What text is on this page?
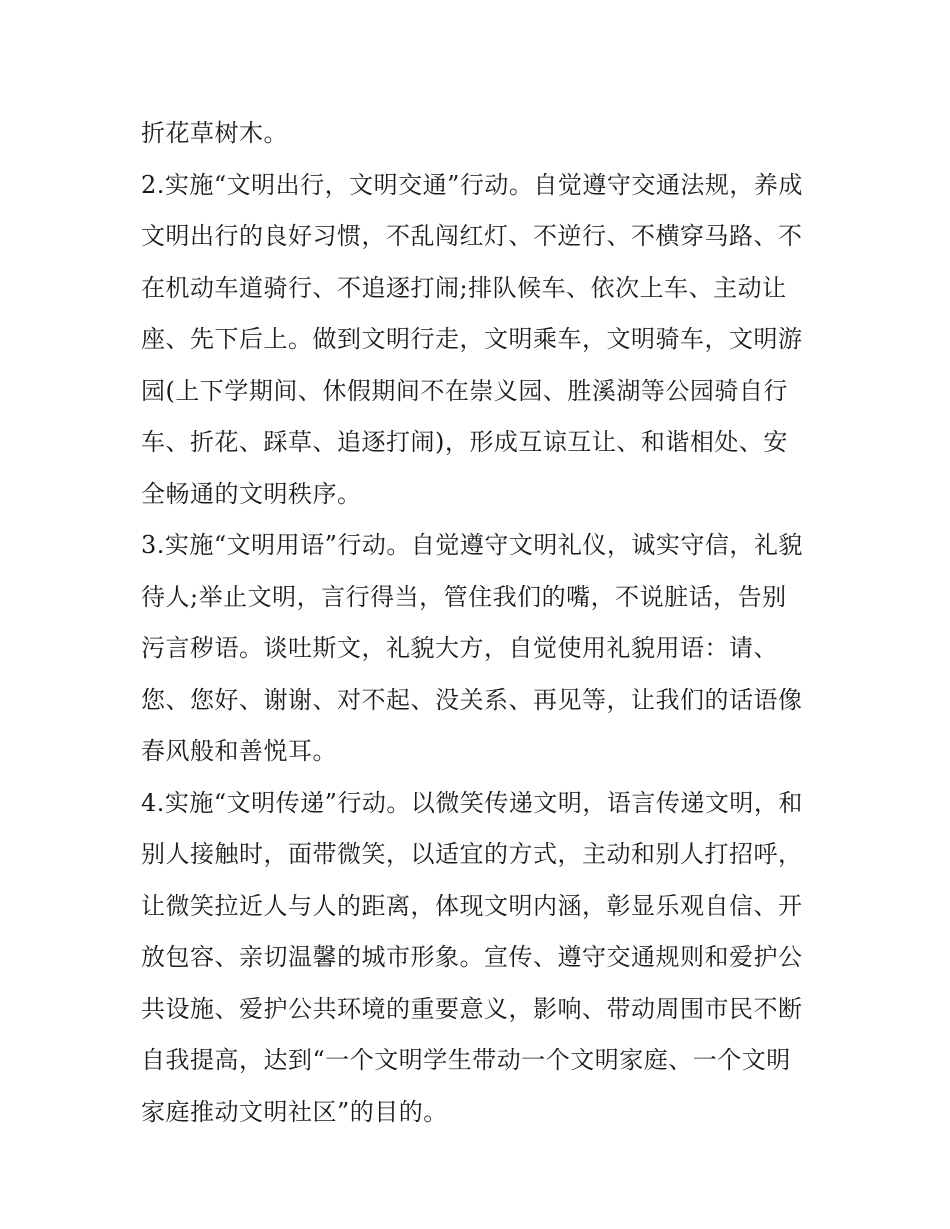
折花草树木。
2.实施“文明出行，文明交通”行动。自觉遵守交通法规，养成
文明出行的良好习惯，不乱闯红灯、不逆行、不横穿马路、不
在机动车道骑行、不追逐打闹;排队候车、依次上车、主动让
座、先下后上。做到文明行走，文明乘车，文明骑车，文明游
园(上下学期间、休假期间不在崇义园、胜溪湖等公园骑自行
车、折花、踩草、追逐打闹)，形成互谅互让、和谐相处、安
全畅通的文明秩序。
3.实施“文明用语”行动。自觉遵守文明礼仪，诚实守信，礼貌
待人;举止文明，言行得当，管住我们的嘴，不说脏话，告别
污言秽语。谈吐斯文，礼貌大方，自觉使用礼貌用语：请、
您、您好、谢谢、对不起、没关系、再见等，让我们的话语像
春风般和善悦耳。
4.实施“文明传递”行动。以微笑传递文明，语言传递文明，和
别人接触时，面带微笑，以适宜的方式，主动和别人打招呼，
让微笑拉近人与人的距离，体现文明内涵，彰显乐观自信、开
放包容、亲切温馨的城市形象。宣传、遵守交通规则和爱护公
共设施、爱护公共环境的重要意义，影响、带动周围市民不断
自我提高，达到“一个文明学生带动一个文明家庭、一个文明
家庭推动文明社区”的目的。
